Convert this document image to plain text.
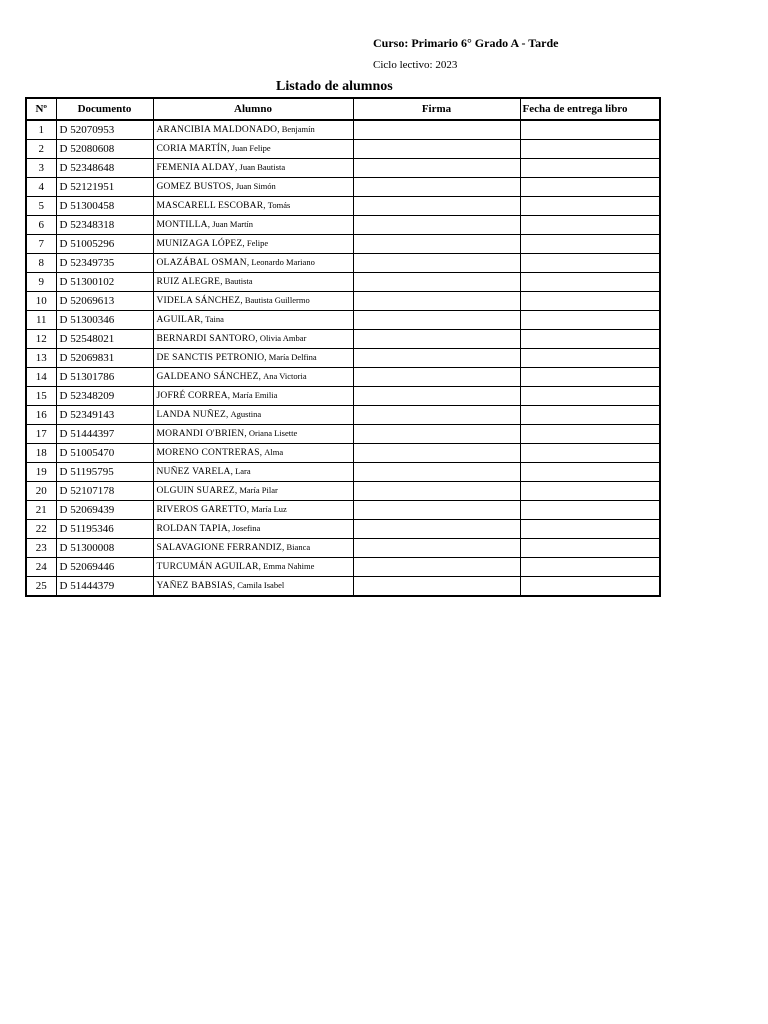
Curso: Primario 6° Grado A - Tarde
Ciclo lectivo: 2023
Listado de alumnos
Nº	Documento	Alumno	Firma	Fecha de entrega libro
1	D 52070953	ARANCIBIA MALDONADO, Benjamín		
2	D 52080608	CORIA MARTÍN, Juan Felipe		
3	D 52348648	FEMENIA ALDAY, Juan Bautista		
4	D 52121951	GOMEZ BUSTOS, Juan Simón		
5	D 51300458	MASCARELL ESCOBAR, Tomás		
6	D 52348318	MONTILLA, Juan Martín		
7	D 51005296	MUNIZAGA LÓPEZ, Felipe		
8	D 52349735	OLAZÁBAL OSMAN, Leonardo Mariano		
9	D 51300102	RUIZ ALEGRE, Bautista		
10	D 52069613	VIDELA SÁNCHEZ, Bautista Guillermo		
11	D 51300346	AGUILAR, Taina		
12	D 52548021	BERNARDI SANTORO, Olivia Ambar		
13	D 52069831	DE SANCTIS PETRONIO, María Delfina		
14	D 51301786	GALDEANO SÁNCHEZ, Ana Victoria		
15	D 52348209	JOFRÉ CORREA, María Emilia		
16	D 52349143	LANDA NUÑEZ, Agustina		
17	D 51444397	MORANDI O'BRIEN, Oriana Lisette		
18	D 51005470	MORENO CONTRERAS, Alma		
19	D 51195795	NUÑEZ VARELA, Lara		
20	D 52107178	OLGUIN SUAREZ, María Pilar		
21	D 52069439	RIVEROS GARETTO, María Luz		
22	D 51195346	ROLDAN TAPIA, Josefina		
23	D 51300008	SALAVAGIONE FERRANDIZ, Bianca		
24	D 52069446	TURCUMÁN AGUILAR, Emma Nahime		
25	D 51444379	YAÑEZ BABSIAS, Camila Isabel		
